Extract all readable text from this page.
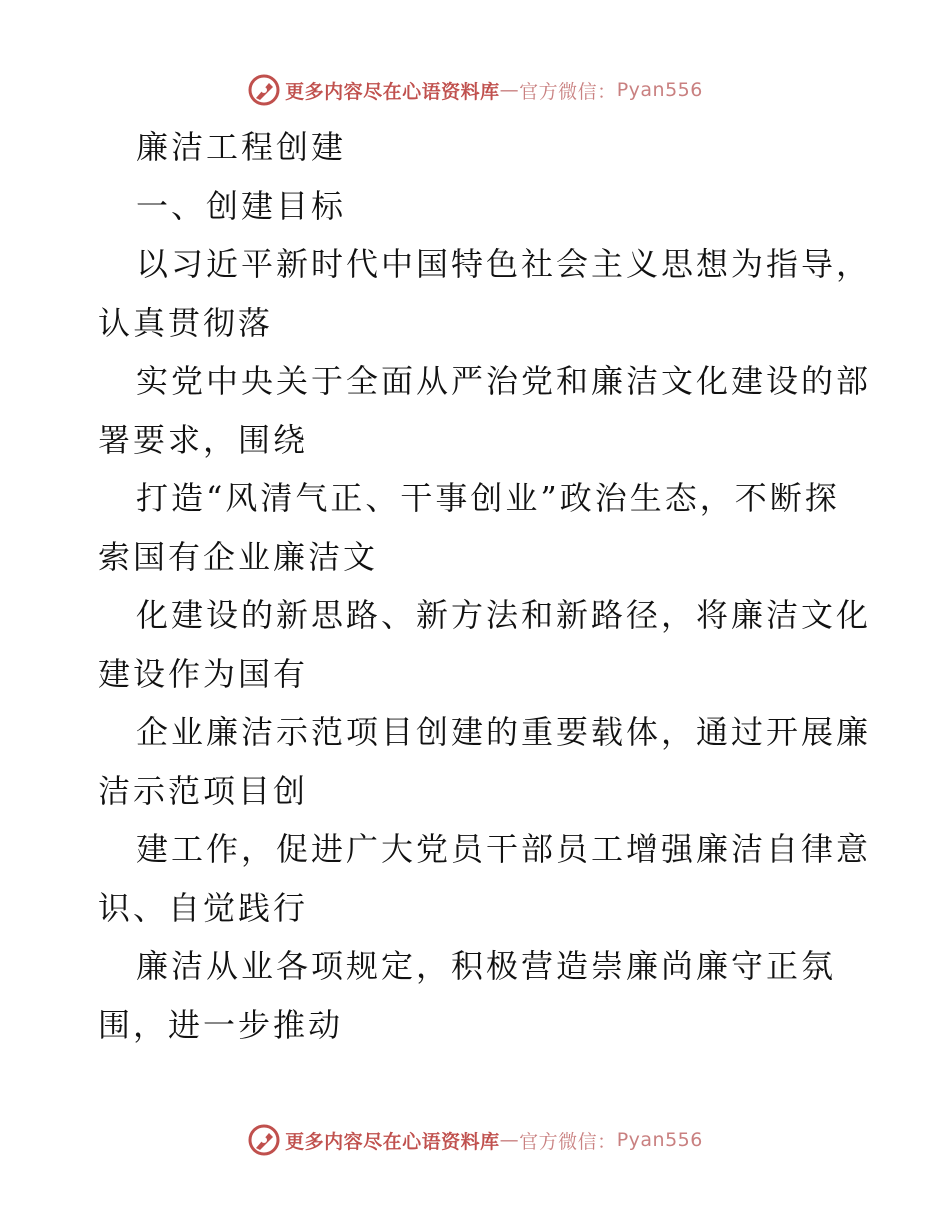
更多内容尽在心语资料库 — 官方微信： Pyan556
廉洁工程创建
一、创建目标
以习近平新时代中国特色社会主义思想为指导，
认真贯彻落
实党中央关于全面从严治党和廉洁文化建设的部
署要求，围绕
打造“风清气正、干事创业”政治生态，不断探
索国有企业廉洁文
化建设的新思路、新方法和新路径，将廉洁文化
建设作为国有
企业廉洁示范项目创建的重要载体，通过开展廉
洁示范项目创
建工作，促进广大党员干部员工增强廉洁自律意
识、自觉践行
廉洁从业各项规定，积极营造崇廉尚廉守正氛
围，进一步推动
更多内容尽在心语资料库 — 官方微信： Pyan556
